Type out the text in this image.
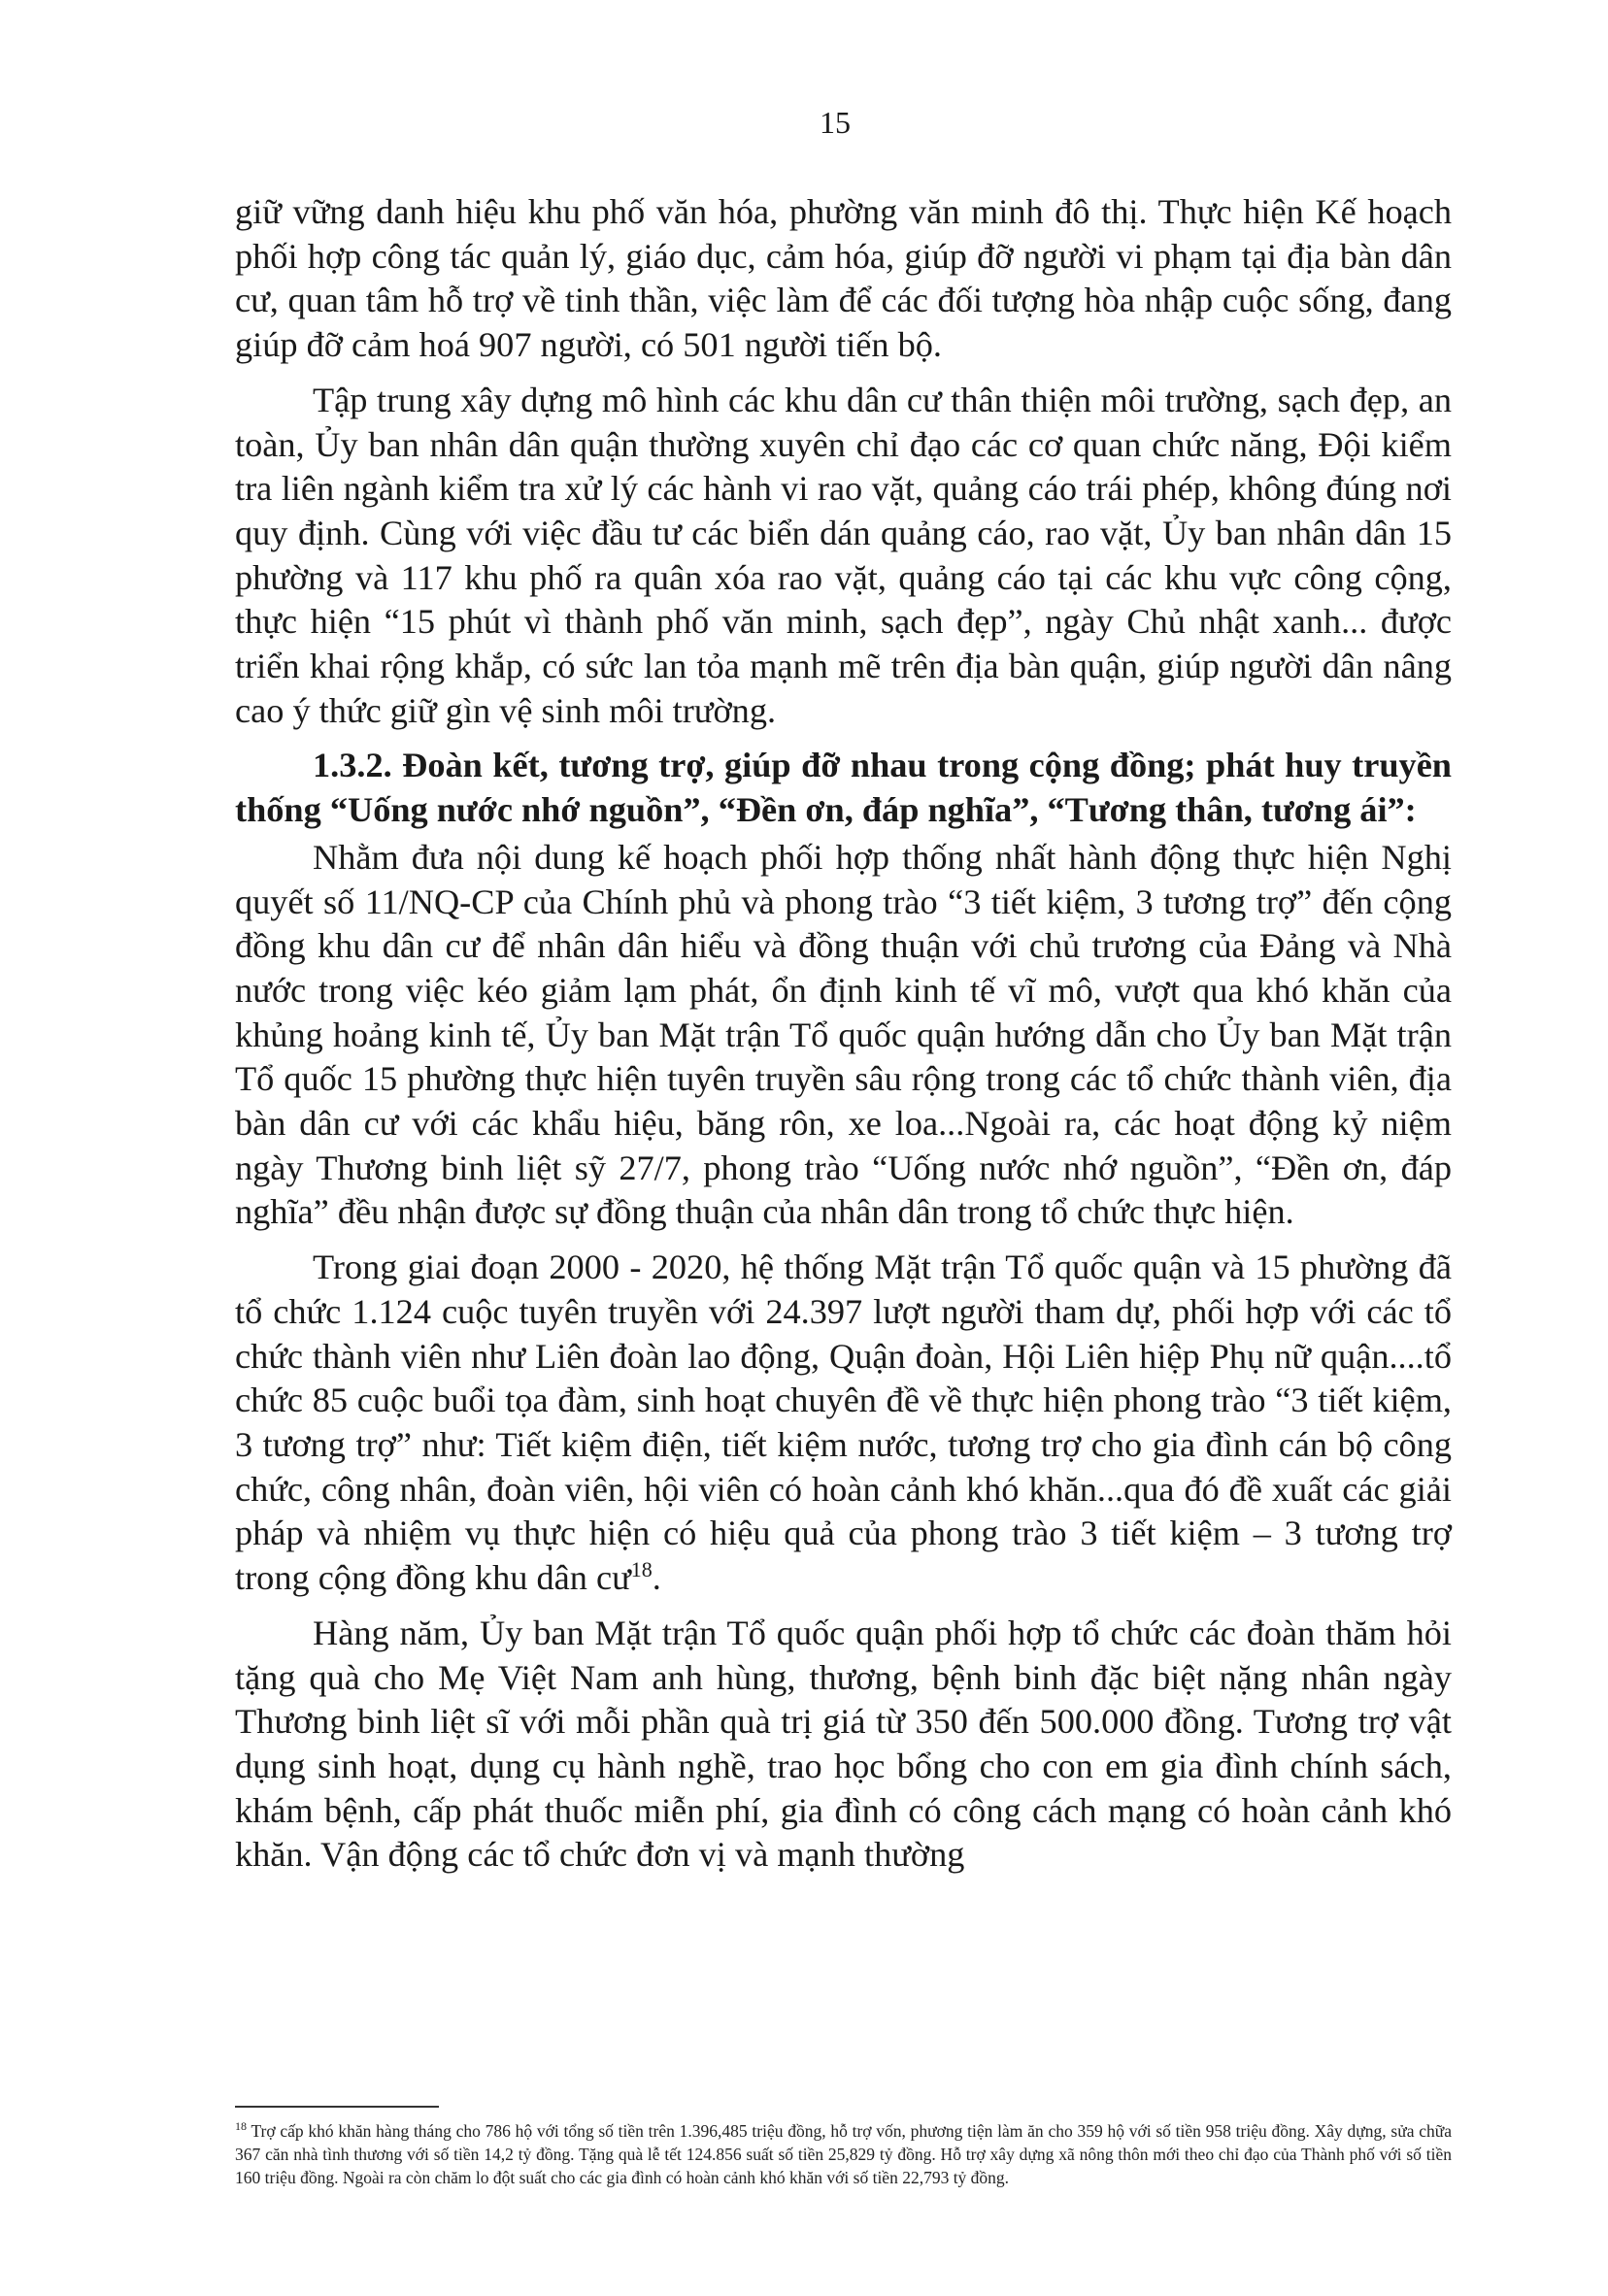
15

giữ vững danh hiệu khu phố văn hóa, phường văn minh đô thị. Thực hiện Kế hoạch phối hợp công tác quản lý, giáo dục, cảm hóa, giúp đỡ người vi phạm tại địa bàn dân cư, quan tâm hỗ trợ về tinh thần, việc làm để các đối tượng hòa nhập cuộc sống, đang giúp đỡ cảm hoá 907 người, có 501 người tiến bộ.

Tập trung xây dựng mô hình các khu dân cư thân thiện môi trường, sạch đẹp, an toàn, Ủy ban nhân dân quận thường xuyên chỉ đạo các cơ quan chức năng, Đội kiểm tra liên ngành kiểm tra xử lý các hành vi rao vặt, quảng cáo trái phép, không đúng nơi quy định. Cùng với việc đầu tư các biển dán quảng cáo, rao vặt, Ủy ban nhân dân 15 phường và 117 khu phố ra quân xóa rao vặt, quảng cáo tại các khu vực công cộng, thực hiện “15 phút vì thành phố văn minh, sạch đẹp”, ngày Chủ nhật xanh... được triển khai rộng khắp, có sức lan tỏa mạnh mẽ trên địa bàn quận, giúp người dân nâng cao ý thức giữ gìn vệ sinh môi trường.

1.3.2. Đoàn kết, tương trợ, giúp đỡ nhau trong cộng đồng; phát huy truyền thống “Uống nước nhớ nguồn”, “Đền ơn, đáp nghĩa”, “Tương thân, tương ái”:

Nhằm đưa nội dung kế hoạch phối hợp thống nhất hành động thực hiện Nghị quyết số 11/NQ-CP của Chính phủ và phong trào “3 tiết kiệm, 3 tương trợ” đến cộng đồng khu dân cư để nhân dân hiểu và đồng thuận với chủ trương của Đảng và Nhà nước trong việc kéo giảm lạm phát, ổn định kinh tế vĩ mô, vượt qua khó khăn của khủng hoảng kinh tế, Ủy ban Mặt trận Tổ quốc quận hướng dẫn cho Ủy ban Mặt trận Tổ quốc 15 phường thực hiện tuyên truyền sâu rộng trong các tổ chức thành viên, địa bàn dân cư với các khẩu hiệu, băng rôn, xe loa...Ngoài ra, các hoạt động kỷ niệm ngày Thương binh liệt sỹ 27/7, phong trào “Uống nước nhớ nguồn”, “Đền ơn, đáp nghĩa” đều nhận được sự đồng thuận của nhân dân trong tổ chức thực hiện.

Trong giai đoạn 2000 - 2020, hệ thống Mặt trận Tổ quốc quận và 15 phường đã tổ chức 1.124 cuộc tuyên truyền với 24.397 lượt người tham dự, phối hợp với các tổ chức thành viên như Liên đoàn lao động, Quận đoàn, Hội Liên hiệp Phụ nữ quận....tổ chức 85 cuộc buổi tọa đàm, sinh hoạt chuyên đề về thực hiện phong trào “3 tiết kiệm, 3 tương trợ” như: Tiết kiệm điện, tiết kiệm nước, tương trợ cho gia đình cán bộ công chức, công nhân, đoàn viên, hội viên có hoàn cảnh khó khăn...qua đó đề xuất các giải pháp và nhiệm vụ thực hiện có hiệu quả của phong trào 3 tiết kiệm – 3 tương trợ trong cộng đồng khu dân $cư^{18}$.

Hàng năm, Ủy ban Mặt trận Tổ quốc quận phối hợp tổ chức các đoàn thăm hỏi tặng quà cho Mẹ Việt Nam anh hùng, thương, bệnh binh đặc biệt nặng nhân ngày Thương binh liệt sĩ với mỗi phần quà trị giá từ 350 đến 500.000 đồng. Tương trợ vật dụng sinh hoạt, dụng cụ hành nghề, trao học bổng cho con em gia đình chính sách, khám bệnh, cấp phát thuốc miễn phí, gia đình có công cách mạng có hoàn cảnh khó khăn. Vận động các tổ chức đơn vị và mạnh thường

$^{18}$ Trợ cấp khó khăn hàng tháng cho 786 hộ với tổng số tiền trên 1.396,485 triệu đồng, hỗ trợ vốn, phương tiện làm ăn cho 359 hộ với số tiền 958 triệu đồng. Xây dựng, sửa chữa 367 căn nhà tình thương với số tiền 14,2 tỷ đồng. Tặng quà lễ tết 124.856 suất số tiền 25,829 tỷ đồng. Hỗ trợ xây dựng xã nông thôn mới theo chỉ đạo của Thành phố với số tiền 160 triệu đồng. Ngoài ra còn chăm lo đột suất cho các gia đình có hoàn cảnh khó khăn với số tiền 22,793 tỷ đồng.
